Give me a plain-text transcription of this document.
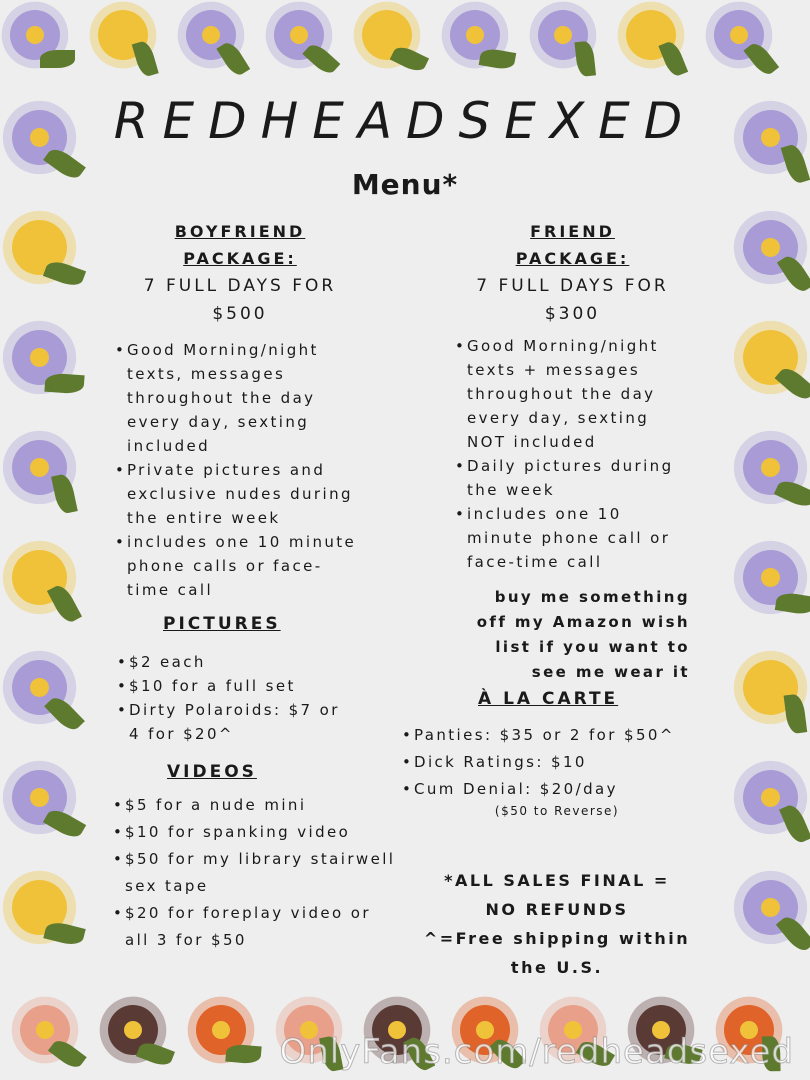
REDHEADSEXED
Menu*
BOYFRIEND
PACKAGE:
7 FULL DAYS FOR
$500
• Good Morning/night texts, messages throughout the day every day, sexting included
• Private pictures and exclusive nudes during the entire week
• includes one 10 minute phone calls or face-time call
FRIEND
PACKAGE:
7 FULL DAYS FOR
$300
• Good Morning/night texts + messages throughout the day every day, sexting NOT included
• Daily pictures during the week
• includes one 10 minute phone call or face-time call
buy me something off my Amazon wish list if you want to see me wear it
PICTURES
• $2 each
• $10 for a full set
• Dirty Polaroids: $7 or 4 for $20^
VIDEOS
• $5 for a nude mini
• $10 for spanking video
• $50 for my library stairwell sex tape
• $20 for foreplay video or all 3 for $50
À LA CARTE
• Panties: $35 or 2 for $50^
• Dick Ratings: $10
• Cum Denial: $20/day
($50 to Reverse)
*ALL SALES FINAL =
NO REFUNDS
^=Free shipping within
the U.S.
OnlyFans.com/redheadsexed
